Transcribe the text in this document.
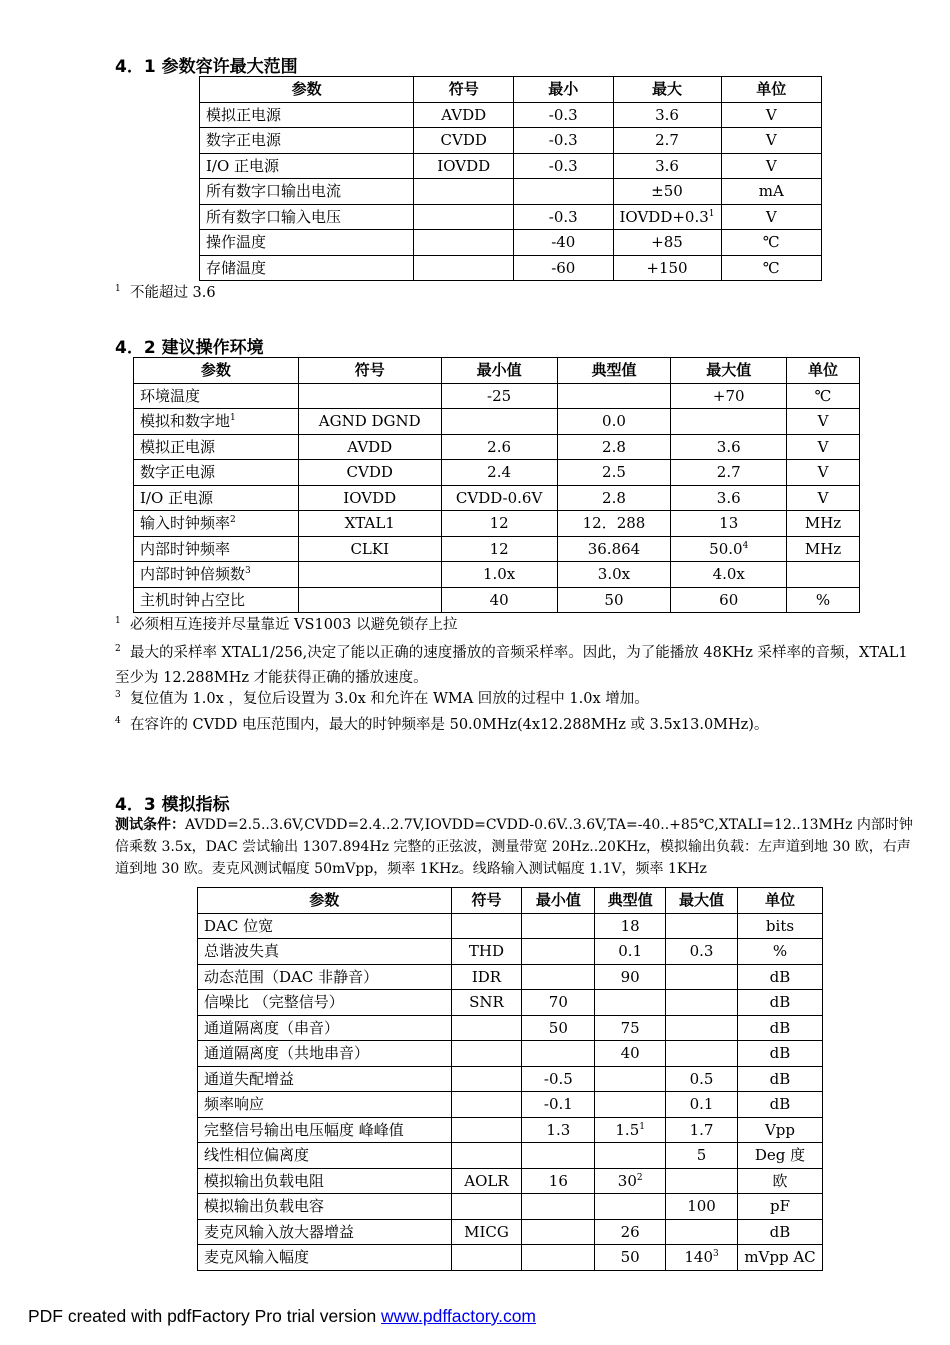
4．1 参数容许最大范围
参数	符号	最小	最大	单位
模拟正电源	AVDD	-0.3	3.6	V
数字正电源	CVDD	-0.3	2.7	V
I/O 正电源	IOVDD	-0.3	3.6	V
所有数字口输出电流			±50	mA
所有数字口输入电压		-0.3	$IOVDD+0.3^1$	V
操作温度		-40	+85	℃
存储温度		-60	+150	℃
$^1$ 不能超过 3.6
4．2 建议操作环境
参数	符号	最小值	典型值	最大值	单位
环境温度		-25		+70	℃
模拟和数字地$^1$	AGND DGND		0.0		V
模拟正电源	AVDD	2.6	2.8	3.6	V
数字正电源	CVDD	2.4	2.5	2.7	V
I/O 正电源	IOVDD	CVDD-0.6V	2.8	3.6	V
输入时钟频率$^2$	XTAL1	12	12．288	13	MHz
内部时钟频率	CLKI	12	36.864	50.0$^4$	MHz
内部时钟倍频数$^3$		1.0x	3.0x	4.0x	
主机时钟占空比		40	50	60	%
$^1$ 必须相互连接并尽量靠近 VS1003 以避免锁存上拉
$^2$ 最大的采样率 XTAL1/256,决定了能以正确的速度播放的音频采样率。因此，为了能播放 48KHz 采样率的音频，XTAL1 至少为 12.288MHz 才能获得正确的播放速度。
$^3$ 复位值为 1.0x ，复位后设置为 3.0x 和允许在 WMA 回放的过程中 1.0x 增加。
$^4$ 在容许的 CVDD 电压范围内，最大的时钟频率是 50.0MHz(4x12.288MHz 或 3.5x13.0MHz)。
4．3 模拟指标
测试条件：AVDD=2.5..3.6V,CVDD=2.4..2.7V,IOVDD=CVDD-0.6V..3.6V,TA=-40..+85℃,XTALI=12..13MHz 内部时钟倍乘数 3.5x，DAC 尝试输出 1307.894Hz 完整的正弦波，测量带宽 20Hz..20KHz，模拟输出负载：左声道到地 30 欧，右声道到地 30 欧。麦克风测试幅度 50mVpp，频率 1KHz。线路输入测试幅度 1.1V，频率 1KHz
参数	符号	最小值	典型值	最大值	单位
DAC 位宽			18		bits
总谐波失真	THD		0.1	0.3	%
动态范围（DAC 非静音）	IDR		90		dB
信噪比 （完整信号）	SNR	70			dB
通道隔离度（串音）		50	75		dB
通道隔离度（共地串音）			40		dB
通道失配增益		-0.5		0.5	dB
频率响应		-0.1		0.1	dB
完整信号输出电压幅度 峰峰值		1.3	$1.5^1$	1.7	Vpp
线性相位偏离度				5	Deg 度
模拟输出负载电阻	AOLR	16	$30^2$		欧
模拟输出负载电容				100	pF
麦克风输入放大器增益	MICG		26		dB
麦克风输入幅度			50	$140^3$	mVpp AC
PDF created with pdfFactory Pro trial version www.pdffactory.com
